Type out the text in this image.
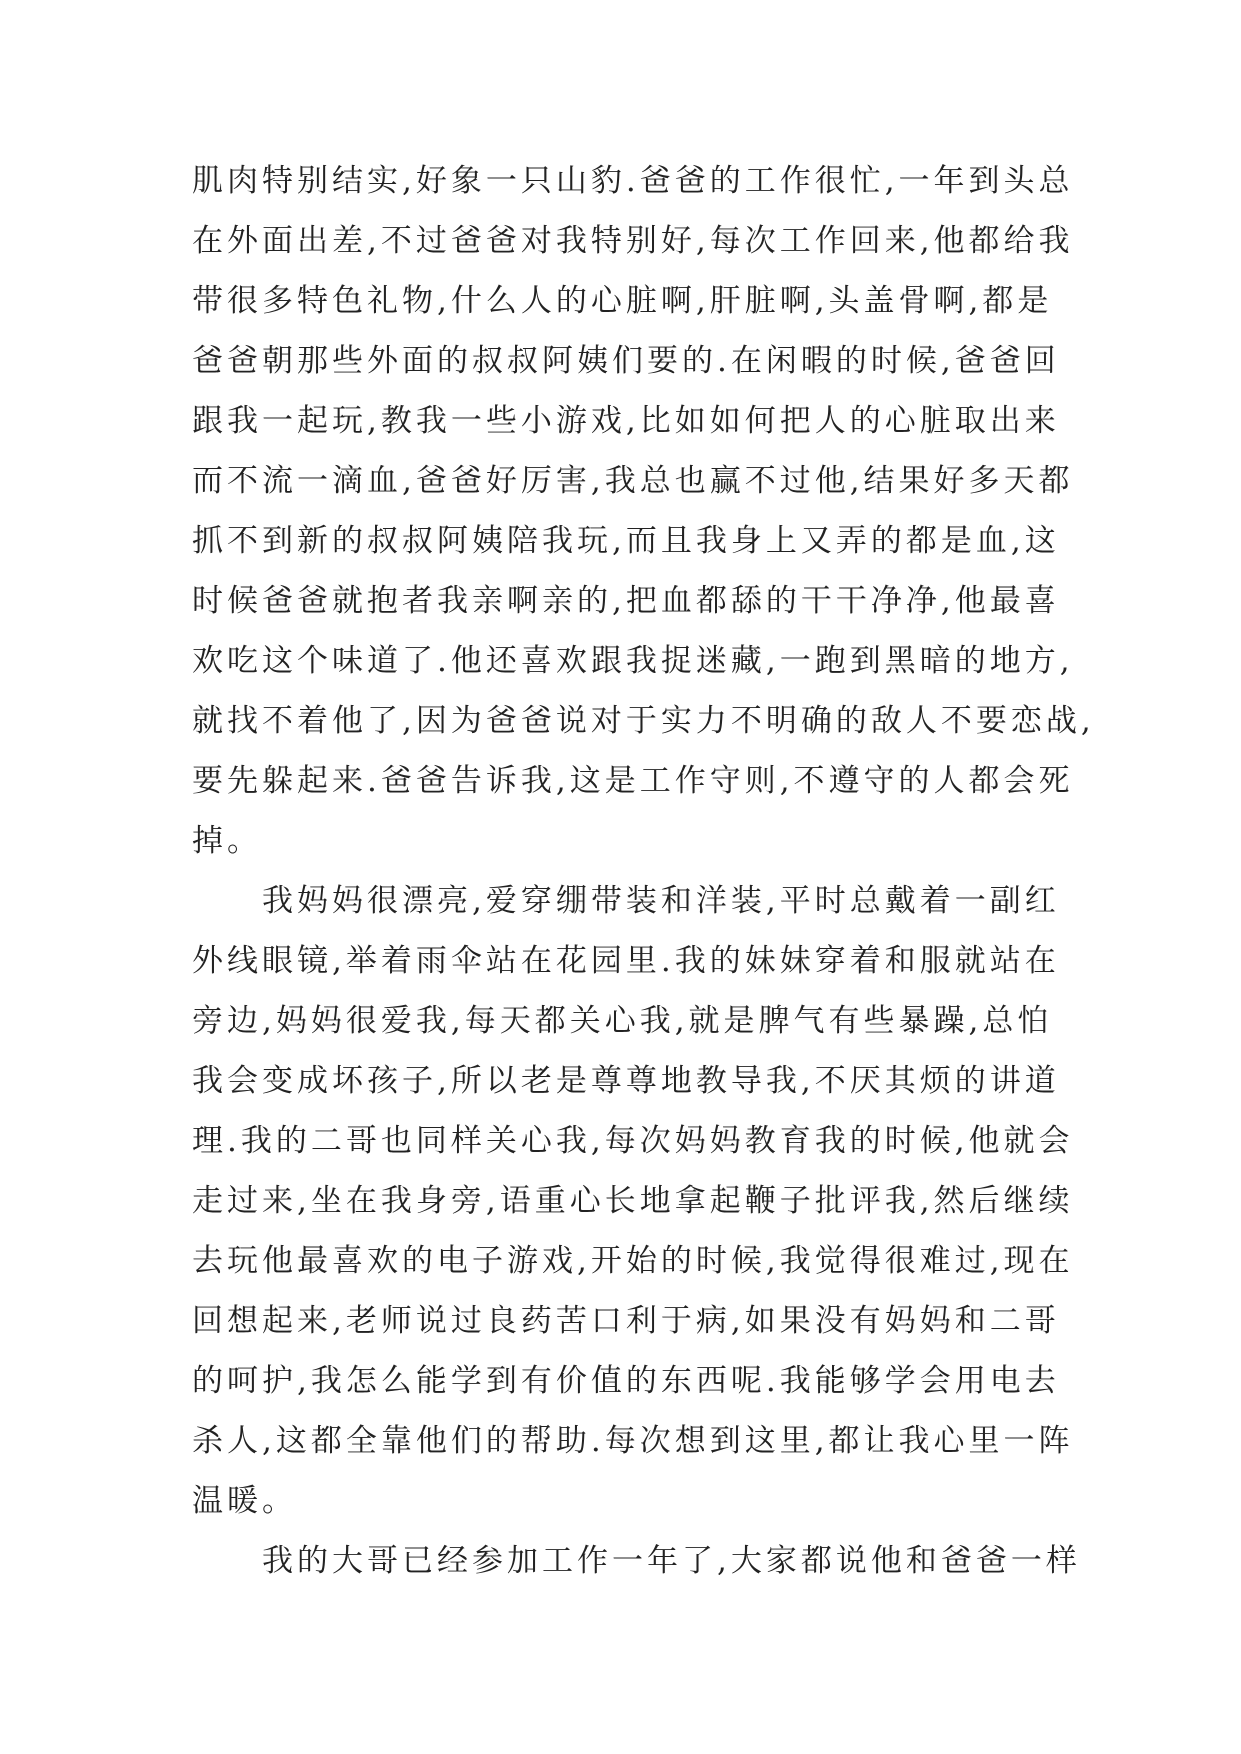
肌肉特别结实,好象一只山豹.爸爸的工作很忙,一年到头总
在外面出差,不过爸爸对我特别好,每次工作回来,他都给我
带很多特色礼物,什么人的心脏啊,肝脏啊,头盖骨啊,都是
爸爸朝那些外面的叔叔阿姨们要的.在闲暇的时候,爸爸回
跟我一起玩,教我一些小游戏,比如如何把人的心脏取出来
而不流一滴血,爸爸好厉害,我总也赢不过他,结果好多天都
抓不到新的叔叔阿姨陪我玩,而且我身上又弄的都是血,这
时候爸爸就抱者我亲啊亲的,把血都舔的干干净净,他最喜
欢吃这个味道了.他还喜欢跟我捉迷藏,一跑到黑暗的地方,
就找不着他了,因为爸爸说对于实力不明确的敌人不要恋战,
要先躲起来.爸爸告诉我,这是工作守则,不遵守的人都会死
掉。
我妈妈很漂亮,爱穿绷带装和洋装,平时总戴着一副红
外线眼镜,举着雨伞站在花园里.我的妹妹穿着和服就站在
旁边,妈妈很爱我,每天都关心我,就是脾气有些暴躁,总怕
我会变成坏孩子,所以老是尊尊地教导我,不厌其烦的讲道
理.我的二哥也同样关心我,每次妈妈教育我的时候,他就会
走过来,坐在我身旁,语重心长地拿起鞭子批评我,然后继续
去玩他最喜欢的电子游戏,开始的时候,我觉得很难过,现在
回想起来,老师说过良药苦口利于病,如果没有妈妈和二哥
的呵护,我怎么能学到有价值的东西呢.我能够学会用电去
杀人,这都全靠他们的帮助.每次想到这里,都让我心里一阵
温暖。
我的大哥已经参加工作一年了,大家都说他和爸爸一样
